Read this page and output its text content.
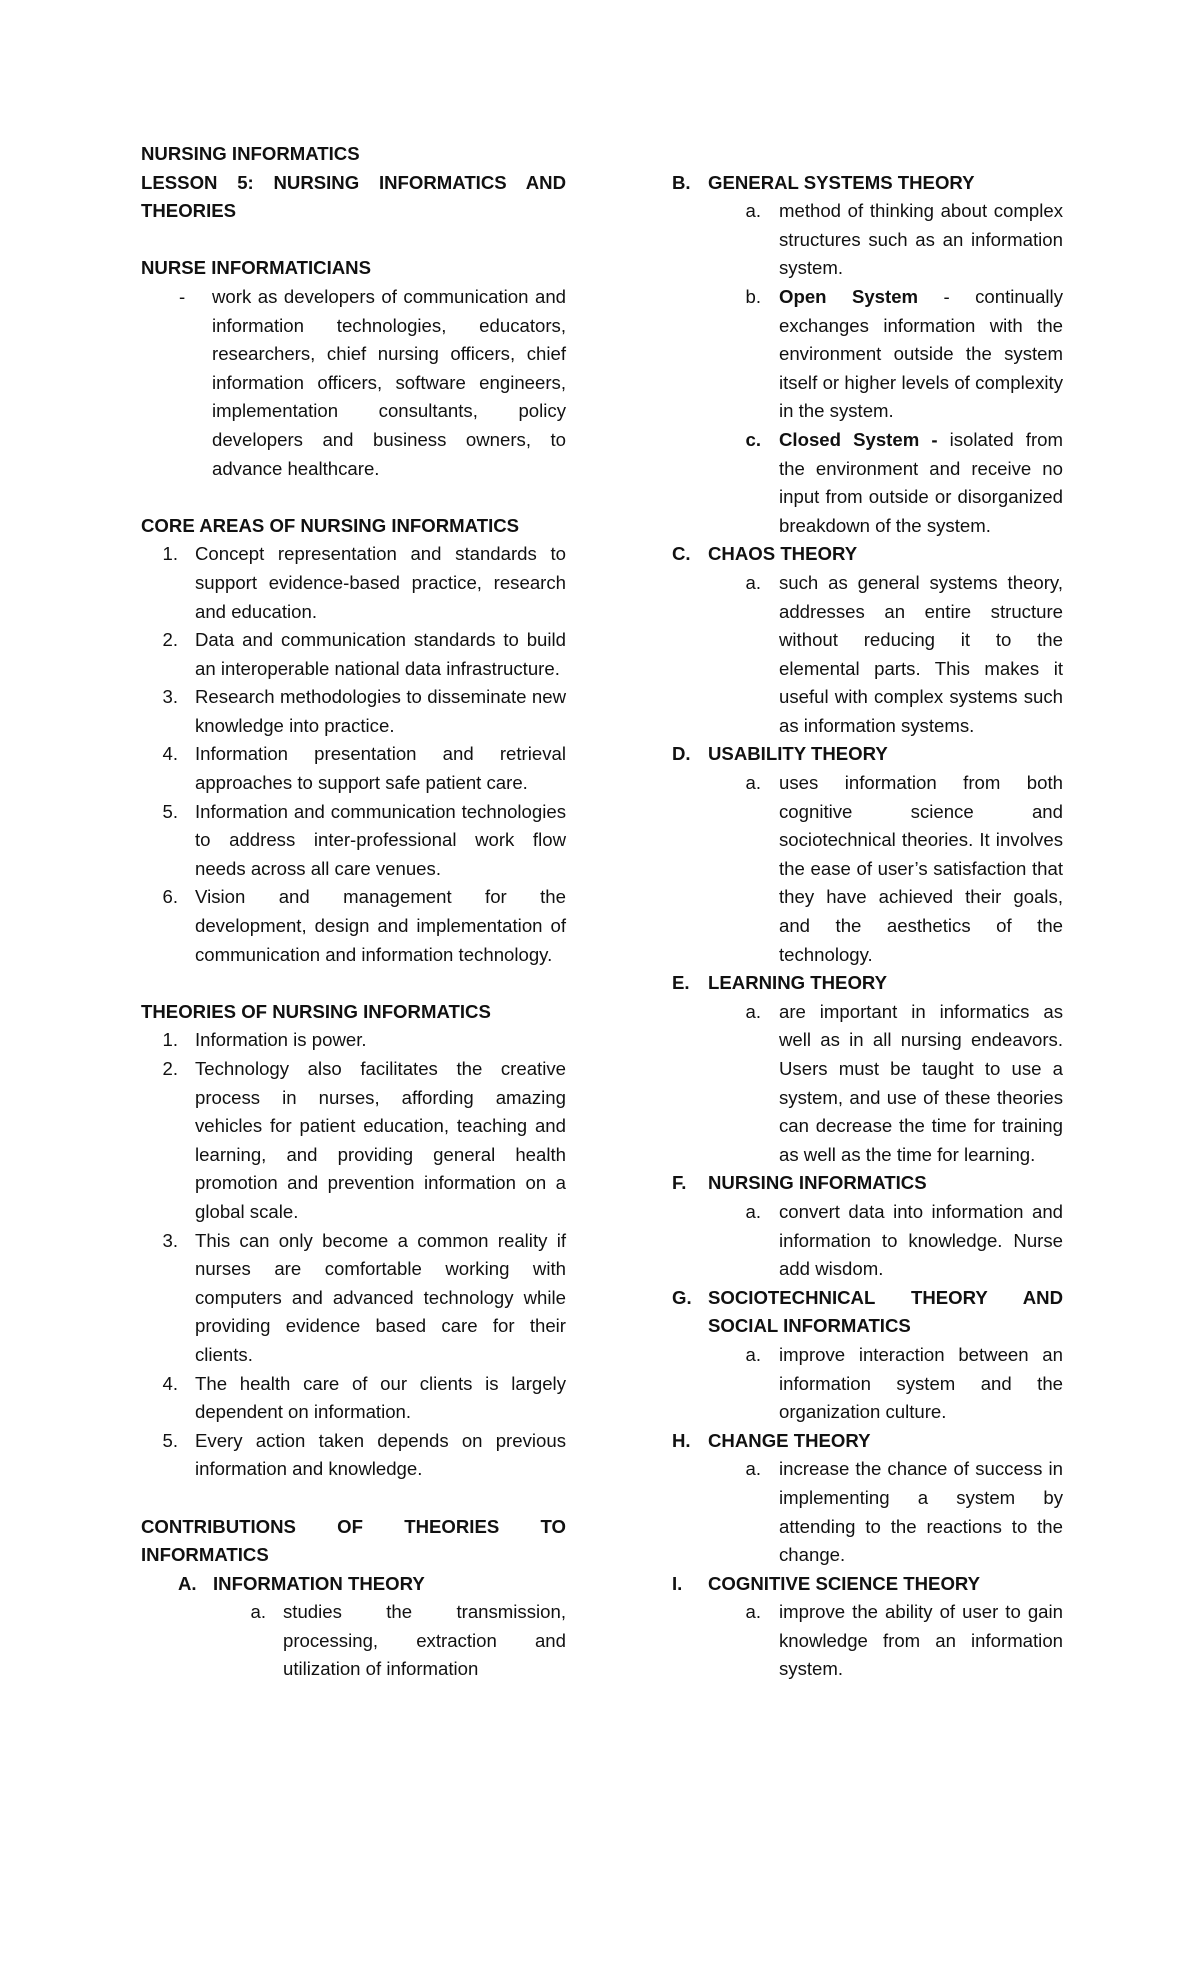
NURSING INFORMATICS
LESSON 5: NURSING INFORMATICS AND THEORIES
NURSE INFORMATICIANS
-	work as developers of communication and information technologies, educators, researchers, chief nursing officers, chief information officers, software engineers, implementation consultants, policy developers and business owners, to advance healthcare.
CORE AREAS OF NURSING INFORMATICS
1. Concept representation and standards to support evidence-based practice, research and education.
2. Data and communication standards to build an interoperable national data infrastructure.
3. Research methodologies to disseminate new knowledge into practice.
4. Information presentation and retrieval approaches to support safe patient care.
5. Information and communication technologies to address inter-professional work flow needs across all care venues.
6. Vision and management for the development, design and implementation of communication and information technology.
THEORIES OF NURSING INFORMATICS
1. Information is power.
2. Technology also facilitates the creative process in nurses, affording amazing vehicles for patient education, teaching and learning, and providing general health promotion and prevention information on a global scale.
3. This can only become a common reality if nurses are comfortable working with computers and advanced technology while providing evidence based care for their clients.
4. The health care of our clients is largely dependent on information.
5. Every action taken depends on previous information and knowledge.
CONTRIBUTIONS OF THEORIES TO INFORMATICS
A. INFORMATION THEORY
a. studies the transmission, processing, extraction and utilization of information
B. GENERAL SYSTEMS THEORY
a. method of thinking about complex structures such as an information system.
b. Open System - continually exchanges information with the environment outside the system itself or higher levels of complexity in the system.
c. Closed System - isolated from the environment and receive no input from outside or disorganized breakdown of the system.
C. CHAOS THEORY
a. such as general systems theory, addresses an entire structure without reducing it to the elemental parts. This makes it useful with complex systems such as information systems.
D. USABILITY THEORY
a. uses information from both cognitive science and sociotechnical theories. It involves the ease of user’s satisfaction that they have achieved their goals, and the aesthetics of the technology.
E. LEARNING THEORY
a. are important in informatics as well as in all nursing endeavors. Users must be taught to use a system, and use of these theories can decrease the time for training as well as the time for learning.
F.	NURSING INFORMATICS
a. convert data into information and information to knowledge. Nurse add wisdom.
G. SOCIOTECHNICAL THEORY AND SOCIAL INFORMATICS
a. improve interaction between an information system and the organization culture.
H. CHANGE THEORY
a. increase the chance of success in implementing a system by attending to the reactions to the change.
I.	COGNITIVE SCIENCE THEORY
a. improve the ability of user to gain knowledge from an information system.
